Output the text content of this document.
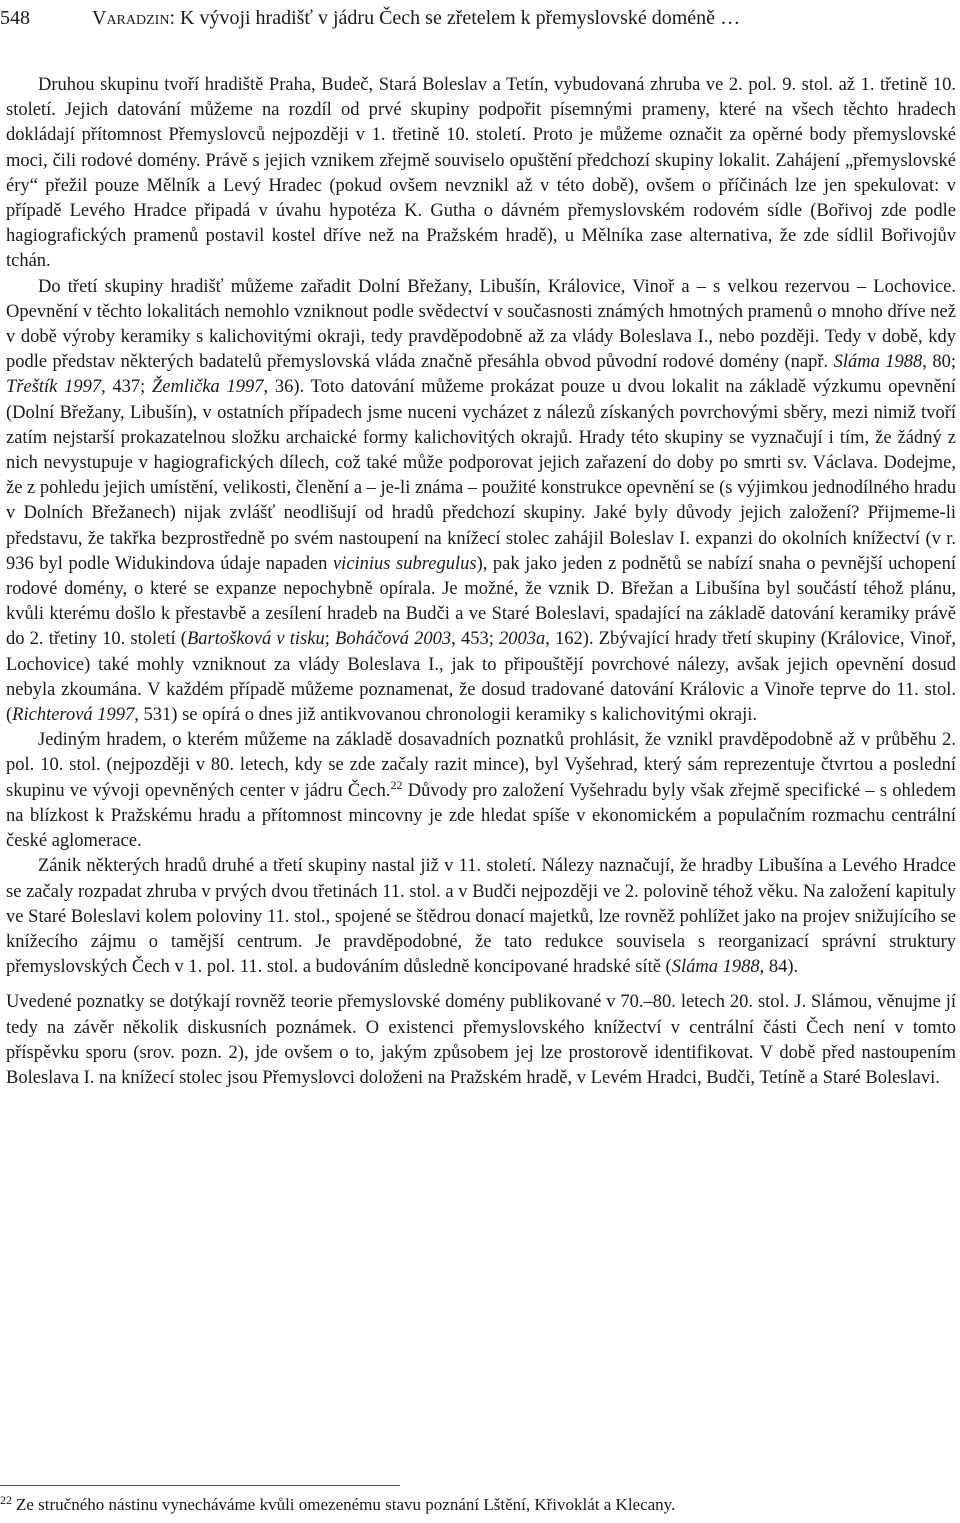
548	Varadzin: K vývoji hradišť v jádru Čech se zřetelem k přemyslovské doméně …

Druhou skupinu tvoří hradiště Praha, Budeč, Stará Boleslav a Tetín, vybudovaná zhruba ve 2. pol. 9. stol. až 1. třetině 10. století. Jejich datování můžeme na rozdíl od prvé skupiny podpořit písemnými prameny, které na všech těchto hradech dokládají přítomnost Přemyslovců nejpozději v 1. třetině 10. století. Proto je můžeme označit za opěrné body přemyslovské moci, čili rodové domény. Právě s jejich vznikem zřejmě souviselo opuštění předchozí skupiny lokalit. Zahájení „přemyslovské éry“ přežil pouze Mělník a Levý Hradec (pokud ovšem nevznikl až v této době), ovšem o příčinách lze jen spekulovat: v případě Levého Hradce připadá v úvahu hypotéza K. Gutha o dávném přemyslovském rodovém sídle (Bořivoj zde podle hagiografických pramenů postavil kostel dříve než na Pražském hradě), u Mělníka zase alternativa, že zde sídlil Bořivojův tchán.

Do třetí skupiny hradišť můžeme zařadit Dolní Břežany, Libušín, Královice, Vinoř a – s velkou rezervou – Lochovice. Opevnění v těchto lokalitách nemohlo vzniknout podle svědectví v současnosti známých hmotných pramenů o mnoho dříve než v době výroby keramiky s kalichovitými okraji, tedy pravděpodobně až za vlády Boleslava I., nebo později. Tedy v době, kdy podle představ některých badatelů přemyslovská vláda značně přesáhla obvod původní rodové domény (např. Sláma 1988, 80; Třeštík 1997, 437; Žemlička 1997, 36). Toto datování můžeme prokázat pouze u dvou lokalit na základě výzkumu opevnění (Dolní Břežany, Libušín), v ostatních případech jsme nuceni vycházet z nálezů získaných povrchovými sběry, mezi nimiž tvoří zatím nejstarší prokazatelnou složku archaické formy kalichovitých okrajů. Hrady této skupiny se vyznačují i tím, že žádný z nich nevystupuje v hagiografických dílech, což také může podporovat jejich zařazení do doby po smrti sv. Václava. Dodejme, že z pohledu jejich umístění, velikosti, členění a – je-li známa – použité konstrukce opevnění se (s výjimkou jednodílného hradu v Dolních Břežanech) nijak zvlášť neodlišují od hradů předchozí skupiny. Jaké byly důvody jejich založení? Přijmeme-li představu, že takřka bezprostředně po svém nastoupení na knížecí stolec zahájil Boleslav I. expanzi do okolních knížectví (v r. 936 byl podle Widukindova údaje napaden vicinius subregulus), pak jako jeden z podnětů se nabízí snaha o pevnější uchopení rodové domény, o které se expanze nepochybně opírala. Je možné, že vznik D. Břežan a Libušína byl součástí téhož plánu, kvůli kterému došlo k přestavbě a zesílení hradeb na Budči a ve Staré Boleslavi, spadající na základě datování keramiky právě do 2. třetiny 10. století (Bartošková v tisku; Boháčová 2003, 453; 2003a, 162). Zbývající hrady třetí skupiny (Královice, Vinoř, Lochovice) také mohly vzniknout za vlády Boleslava I., jak to připouštějí povrchové nálezy, avšak jejich opevnění dosud nebyla zkoumána. V každém případě můžeme poznamenat, že dosud tradované datování Královic a Vinoře teprve do 11. stol. (Richterová 1997, 531) se opírá o dnes již antikvovanou chronologii keramiky s kalichovitými okraji.

Jediným hradem, o kterém můžeme na základě dosavadních poznatků prohlásit, že vznikl pravděpodobně až v průběhu 2. pol. 10. stol. (nejpozději v 80. letech, kdy se zde začaly razit mince), byl Vyšehrad, který sám reprezentuje čtvrtou a poslední skupinu ve vývoji opevněných center v jádru Čech.$^{22}$ Důvody pro založení Vyšehradu byly však zřejmě specifické – s ohledem na blízkost k Pražskému hradu a přítomnost mincovny je zde hledat spíše v ekonomickém a populačním rozmachu centrální české aglomerace.

Zánik některých hradů druhé a třetí skupiny nastal již v 11. století. Nálezy naznačují, že hradby Libušína a Levého Hradce se začaly rozpadat zhruba v prvých dvou třetinách 11. stol. a v Budči nejpozději ve 2. polovině téhož věku. Na založení kapituly ve Staré Boleslavi kolem poloviny 11. stol., spojené se štědrou donací majetků, lze rovněž pohlížet jako na projev snižujícího se knížecího zájmu o tamější centrum. Je pravděpodobné, že tato redukce souvisela s reorganizací správní struktury přemyslovských Čech v 1. pol. 11. stol. a budováním důsledně koncipované hradské sítě (Sláma 1988, 84).

Uvedené poznatky se dotýkají rovněž teorie přemyslovské domény publikované v 70.–80. letech 20. stol. J. Slámou, věnujme jí tedy na závěr několik diskusních poznámek. O existenci přemyslovského knížectví v centrální části Čech není v tomto příspěvku sporu (srov. pozn. 2), jde ovšem o to, jakým způsobem jej lze prostorově identifikovat. V době před nastoupením Boleslava I. na knížecí stolec jsou Přemyslovci doloženi na Pražském hradě, v Levém Hradci, Budči, Tetíně a Staré Boleslavi.

$^{22}$ Ze stručného nástinu vynecháváme kvůli omezenému stavu poznání Lštění, Křivoklát a Klecany.
